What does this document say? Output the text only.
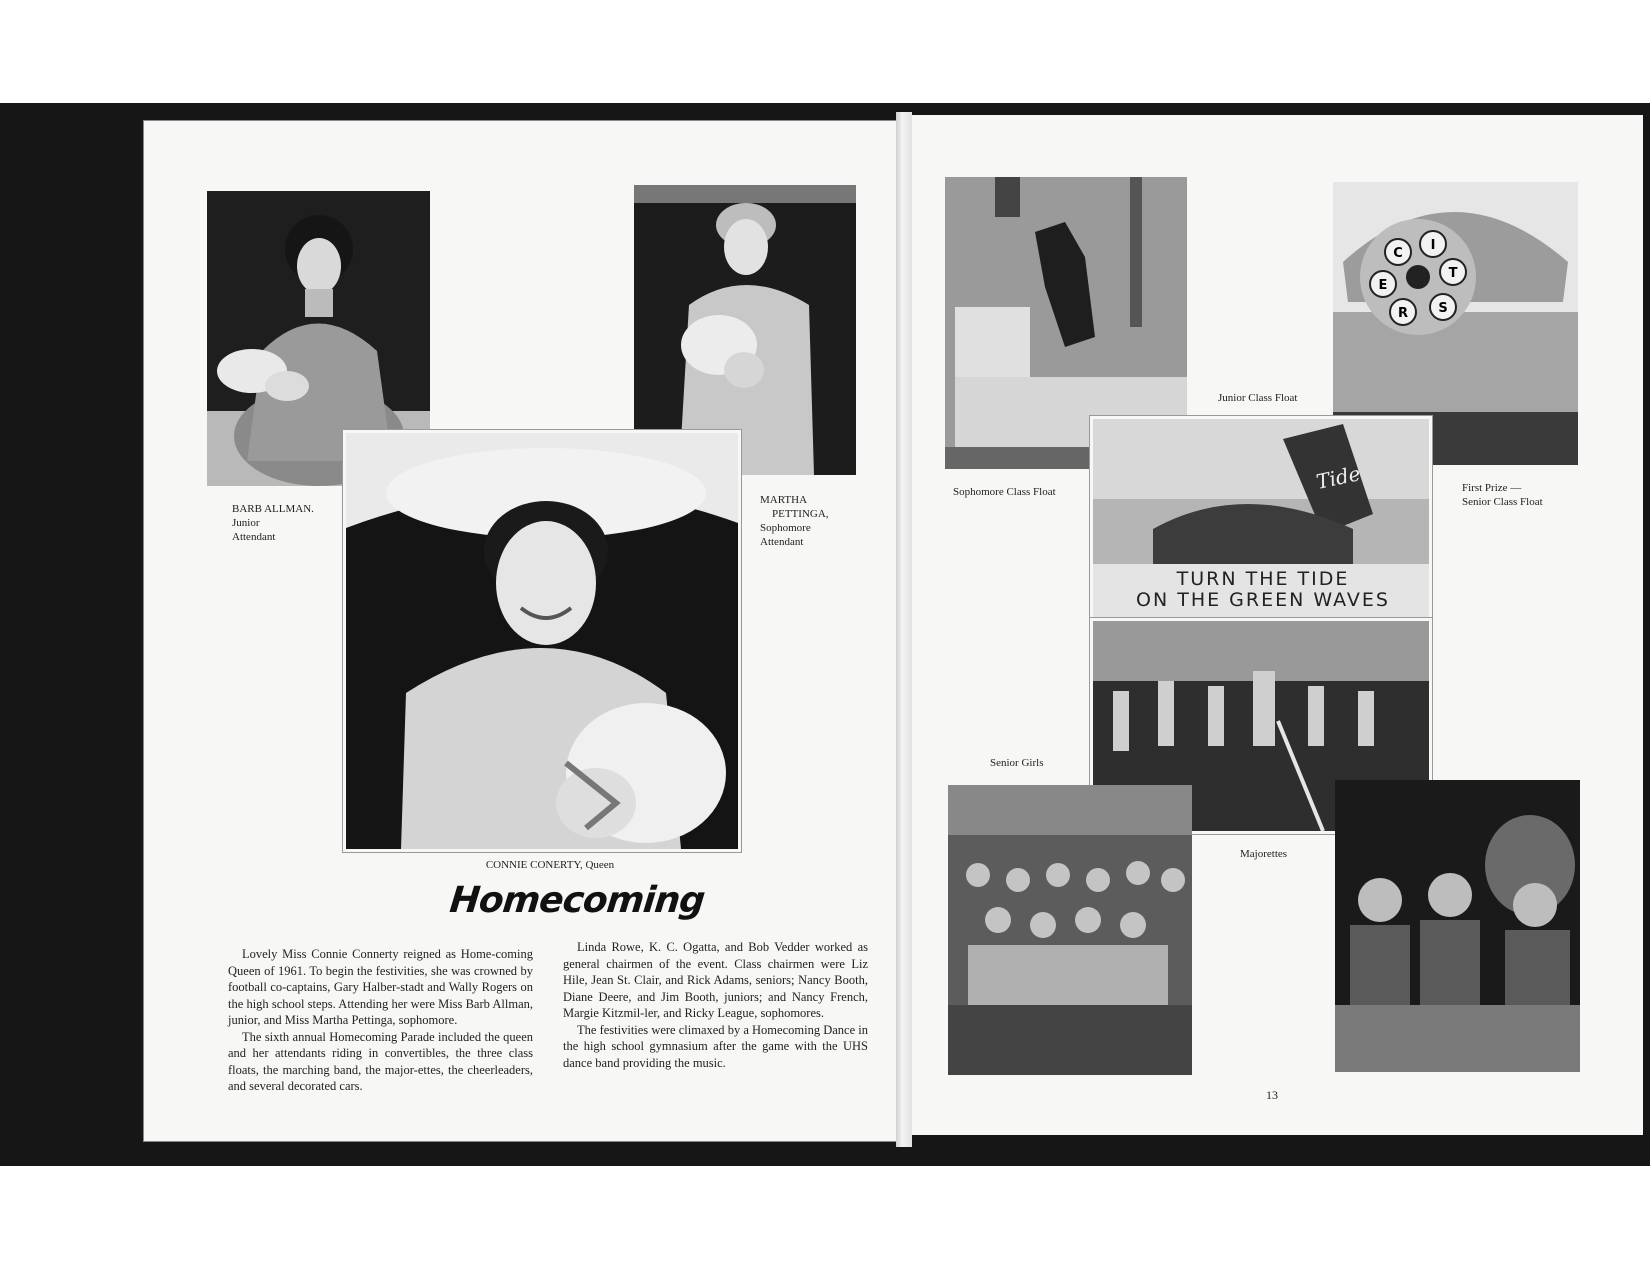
BARB ALLMAN.
Junior
Attendant
MARTHA
PETTINGA,
Sophomore
Attendant
CONNIE CONERTY, Queen
Homecoming

Lovely Miss Connie Connerty reigned as Home-coming Queen of 1961. To begin the festivities, she was crowned by football co-captains, Gary Halber-stadt and Wally Rogers on the high school steps. Attending her were Miss Barb Allman, junior, and Miss Martha Pettinga, sophomore.

The sixth annual Homecoming Parade included the queen and her attendants riding in convertibles, the three class floats, the marching band, the major-ettes, the cheerleaders, and several decorated cars.

Linda Rowe, K. C. Ogatta, and Bob Vedder worked as general chairmen of the event. Class chairmen were Liz Hile, Jean St. Clair, and Rick Adams, seniors; Nancy Booth, Diane Deere, and Jim Booth, juniors; and Nancy French, Margie Kitzmil-ler, and Ricky League, sophomores.

The festivities were climaxed by a Homecoming Dance in the high school gymnasium after the game with the UHS dance band providing the music.

C
I
T
E
R S
Tide
TURN THE TIDE
ON THE GREEN WAVES
Junior Class Float
Sophomore Class Float	First Prize —
Senior Class Float
Senior Girls
Majorettes
13
